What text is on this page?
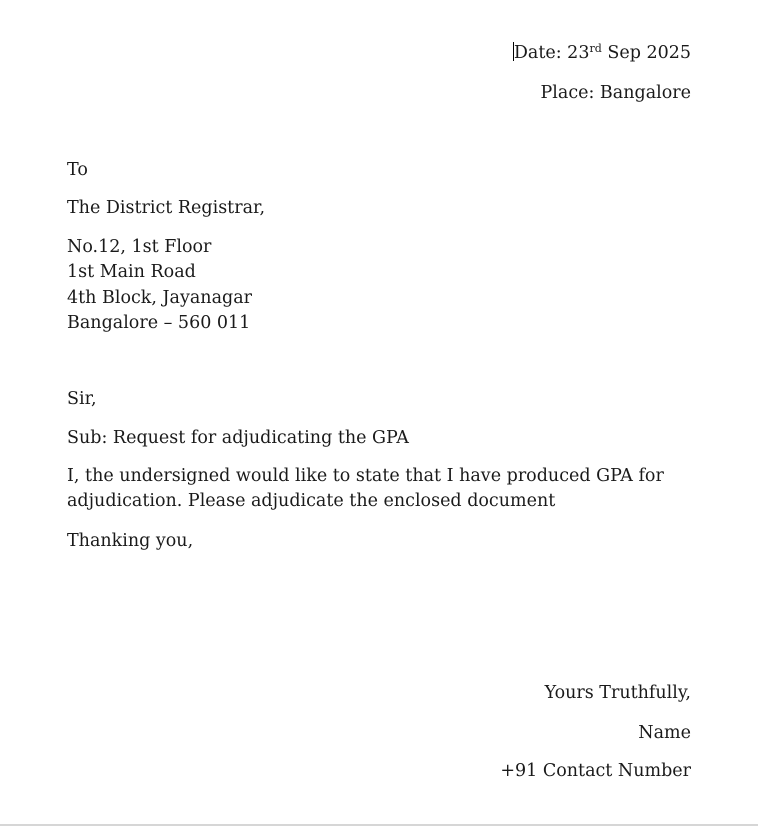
Date: 23rd Sep 2025
Place: Bangalore
To
The District Registrar,
No.12, 1st Floor
1st Main Road
4th Block, Jayanagar
Bangalore – 560 011
Sir,
Sub: Request for adjudicating the GPA
I, the undersigned would like to state that I have produced GPA for adjudication. Please adjudicate the enclosed document
Thanking you,
Yours Truthfully,
Name
+91 Contact Number
